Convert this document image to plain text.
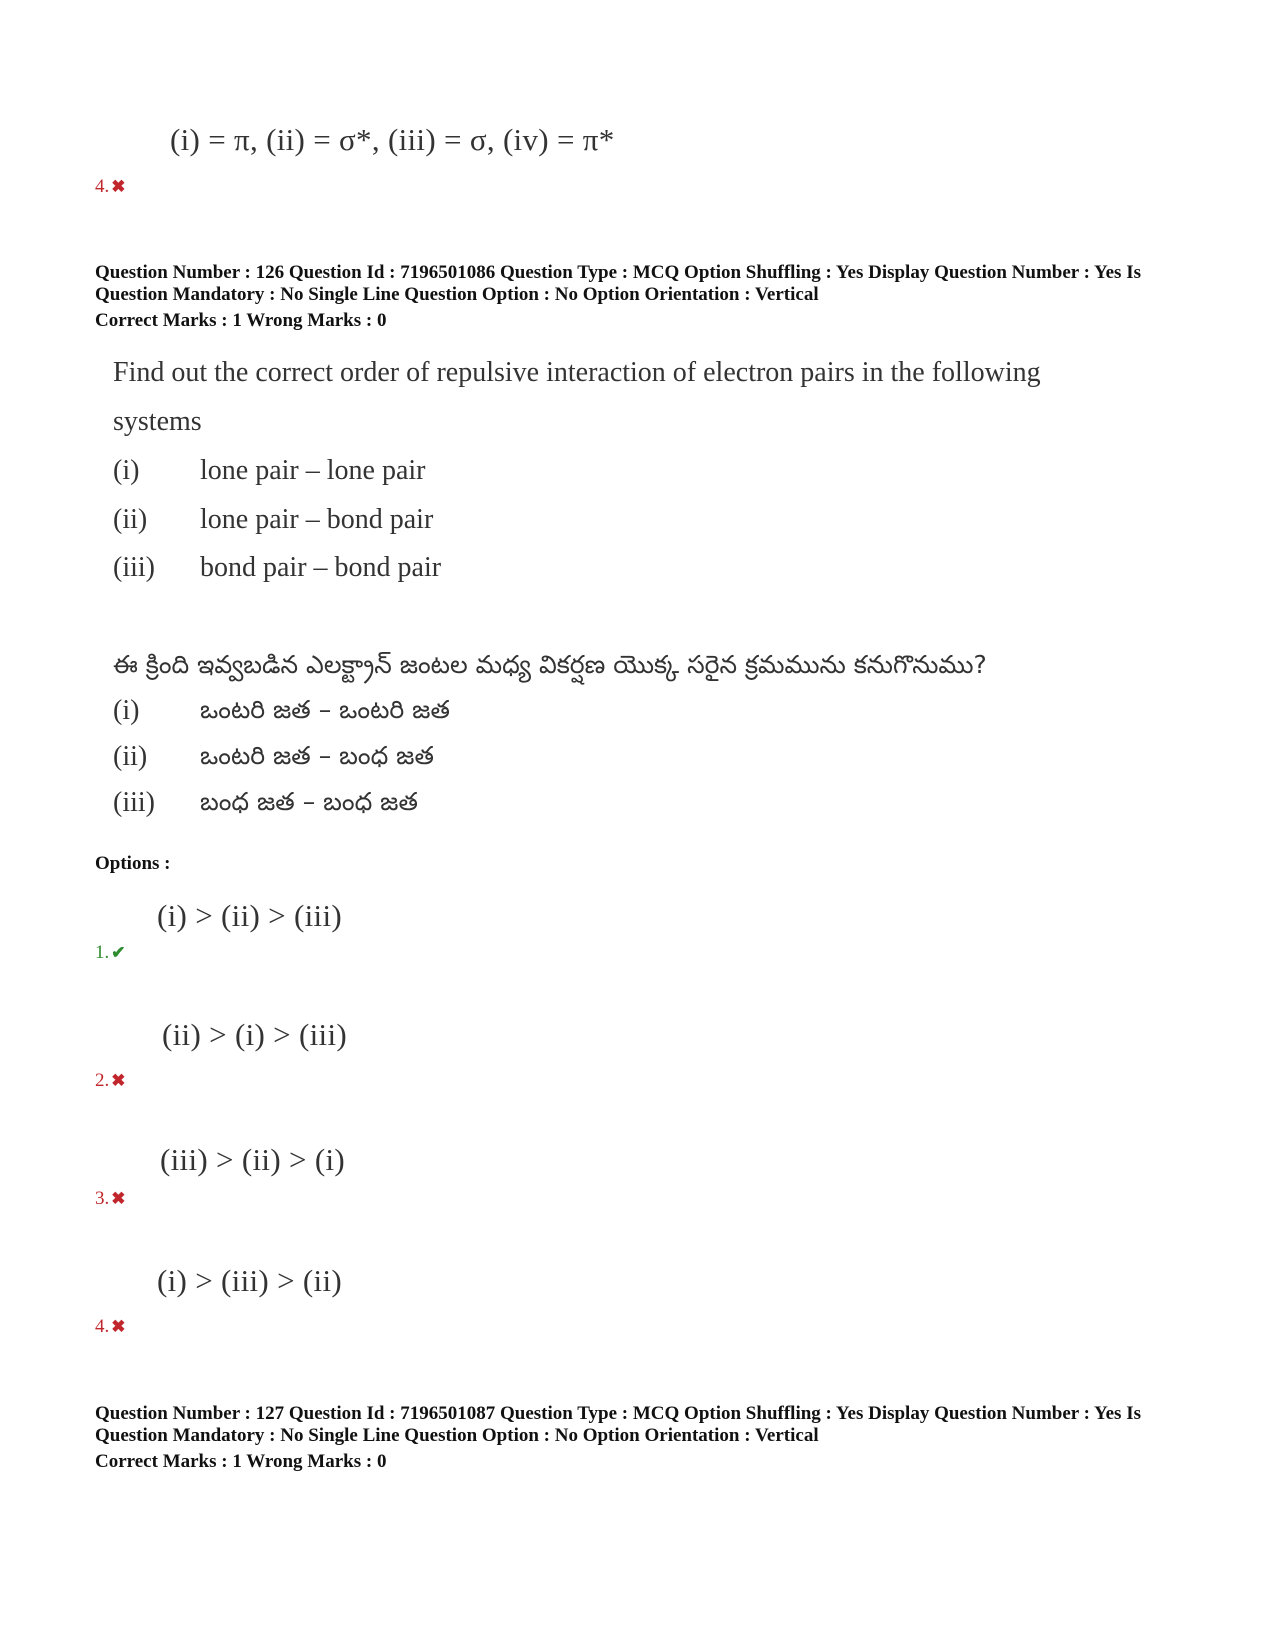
(i) = π, (ii) = σ*, (iii) = σ, (iv) = π*
4. ✖
Question Number : 126 Question Id : 7196501086 Question Type : MCQ Option Shuffling : Yes Display Question Number : Yes Is
Question Mandatory : No Single Line Question Option : No Option Orientation : Vertical
Correct Marks : 1 Wrong Marks : 0
Find out the correct order of repulsive interaction of electron pairs in the following
systems
(i)	lone pair – lone pair
(ii)	lone pair – bond pair
(iii)	bond pair – bond pair
ఈ క్రింది ఇవ్వబడిన ఎలక్ట్రాన్ జంటల మధ్య వికర్షణ యొక్క సరైన క్రమమును కనుగొనుము?
(i)	ఒంటరి జత – ఒంటరి జత
(ii)	ఒంటరి జత – బంధ జత
(iii)	బంధ జత – బంధ జత
Options :
(i) > (ii) > (iii)
1. ✔
(ii) > (i) > (iii)
2. ✖
(iii) > (ii) > (i)
3. ✖
(i) > (iii) > (ii)
4. ✖
Question Number : 127 Question Id : 7196501087 Question Type : MCQ Option Shuffling : Yes Display Question Number : Yes Is
Question Mandatory : No Single Line Question Option : No Option Orientation : Vertical
Correct Marks : 1 Wrong Marks : 0
